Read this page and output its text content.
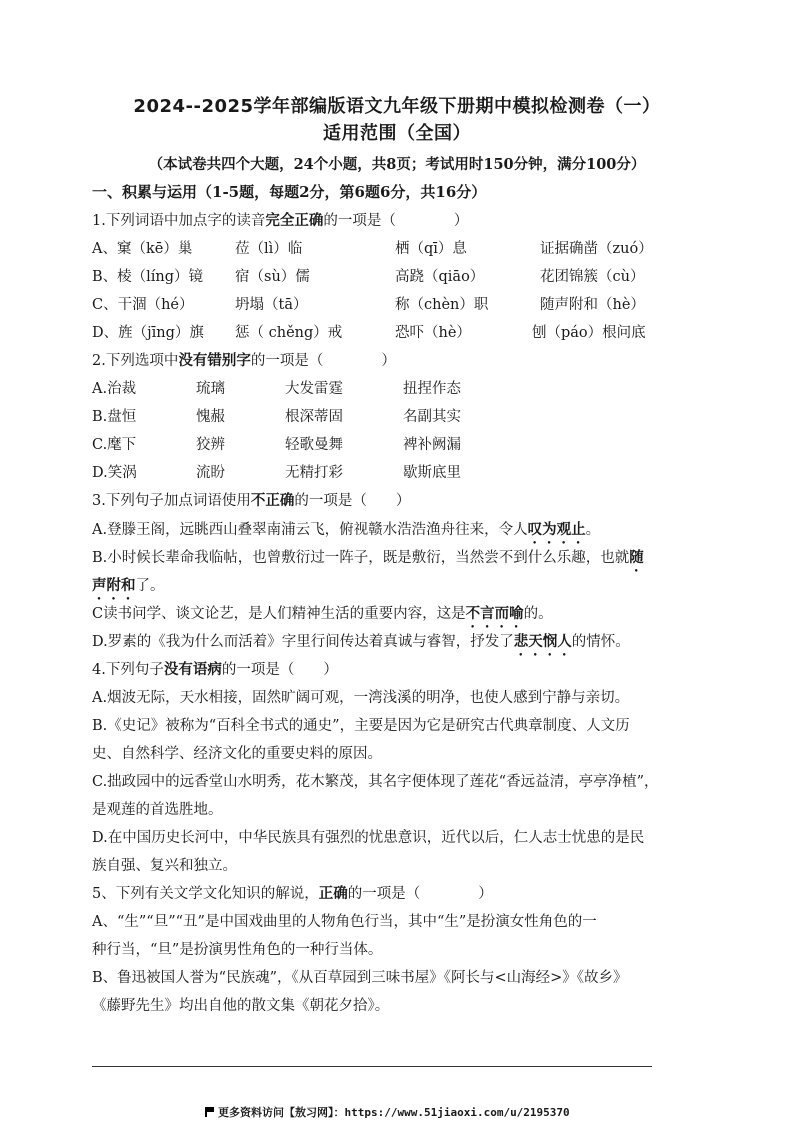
2024--2025学年部编版语文九年级下册期中模拟检测卷（一）
适用范围（全国）
（本试卷共四个大题，24个小题，共8页；考试用时150分钟，满分100分）
一、积累与运用（1-5题，每题2分，第6题6分，共16分）
1.下列词语中加点字的读音完全正确的一项是（　　　　）
A、窠（kē）巢	莅（lì）临	栖（qī）息	证据确凿（zuó）
B、棱（líng）镜 宿（sù）儒	高跷（qiāo）	花团锦簇（cù）
C、干涸（hé）	坍塌（tā）	称（chèn）职	随声附和（hè）
D、旌（jīng）旗 惩（ chěng）戒	恐吓（hè）	刨（páo）根问底
2.下列选项中没有错别字的一项是（　　　　）
A.治裁	琉璃	大发雷霆	扭捏作态
B.盘恒	愧赧	根深蒂固	名副其实
C.麾下	狡辨	轻歌曼舞	裨补阙漏
D.笑涡	流盼	无精打彩	歇斯底里
3.下列句子加点词语使用不正确的一项是（　　）
A.登滕王阁，远眺西山叠翠南浦云飞，俯视赣水浩浩渔舟往来，令人叹为观止。
B.小时候长辈命我临帖，也曾敷衍过一阵子，既是敷衍，当然尝不到什么乐趣，也就随
声附和了。
C读书问学、谈文论艺，是人们精神生活的重要内容，这是不言而喻的。
D.罗素的《我为什么而活着》字里行间传达着真诚与睿智，抒发了悲天悯人的情怀。
4.下列句子没有语病的一项是（　　）
A.烟波无际，天水相接，固然旷阔可观，一湾浅溪的明净，也使人感到宁静与亲切。
B.《史记》被称为“百科全书式的通史”，主要是因为它是研究古代典章制度、人文历
史、自然科学、经济文化的重要史料的原因。
C.拙政园中的远香堂山水明秀，花木繁茂，其名字便体现了莲花“香远益清，亭亭净植”，
是观莲的首选胜地。
D.在中国历史长河中，中华民族具有强烈的忧患意识，近代以后，仁人志士忧患的是民
族自强、复兴和独立。
5、下列有关文学文化知识的解说，正确的一项是（　　　　）
A、“生”“旦”“丑”是中国戏曲里的人物角色行当，其中“生”是扮演女性角色的一
种行当，“旦”是扮演男性角色的一种行当体。
B、鲁迅被国人誉为“民族魂”，《从百草园到三味书屋》《阿长与<山海经>》《故乡》
《藤野先生》均出自他的散文集《朝花夕拾》。
更多资料访问【敖习网】：https://www.51jiaoxi.com/u/2195370
